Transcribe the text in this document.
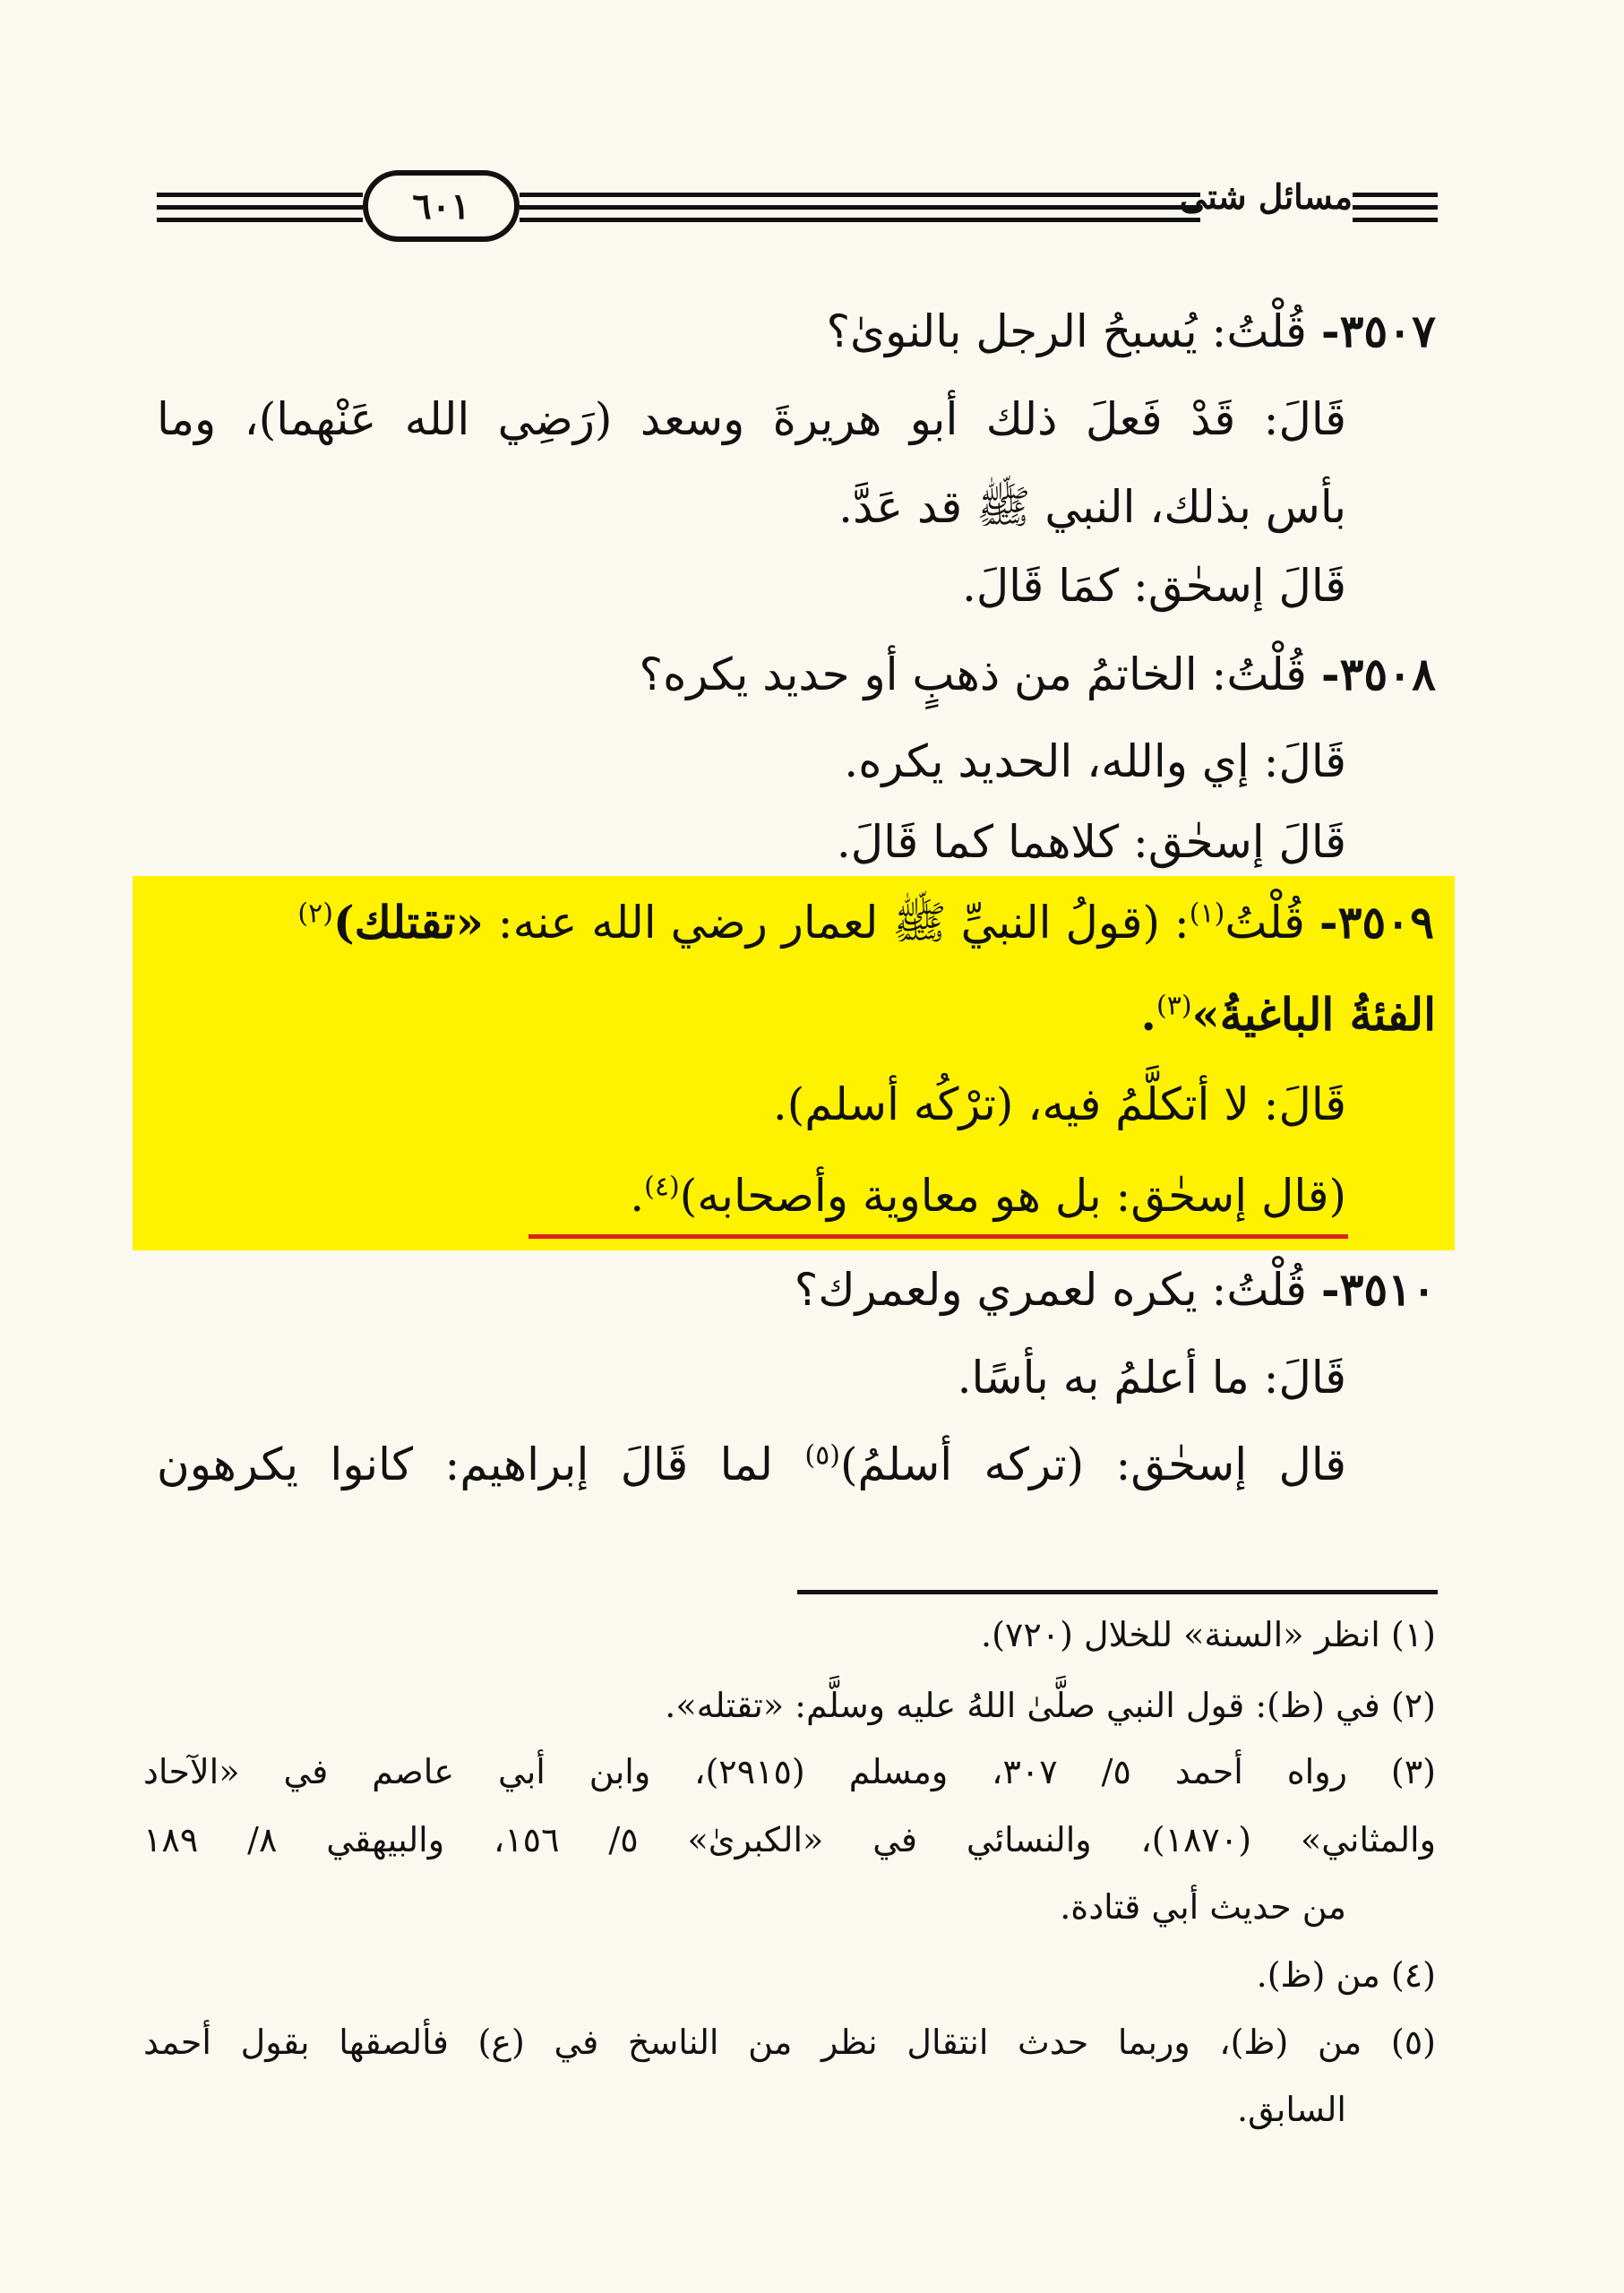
٦٠١	مسائل شتى
٣٥٠٧- قُلْتُ: يُسبحُ الرجل بالنوىٰ؟
قَالَ: قَدْ فَعلَ ذلك أبو هريرةَ وسعد (رَضِي الله عَنْهما)، وما
بأس بذلك، النبي ﷺ قد عَدَّ.
قَالَ إسحٰق: كمَا قَالَ.
٣٥٠٨- قُلْتُ: الخاتمُ من ذهبٍ أو حديد يكره؟
قَالَ: إي والله، الحديد يكره.
قَالَ إسحٰق: كلاهما كما قَالَ.
٣٥٠٩- قُلْتُ$^{(١)}$: (قولُ النبيِّ ﷺ لعمار رضي الله عنه: «تقتلك)$^{(٢)}$
الفئةُ الباغيةُ»$^{(٣)}$.
قَالَ: لا أتكلَّمُ فيه، (ترْكُه أسلم).
(قال إسحٰق: بل هو معاوية وأصحابه)$^{(٤)}$.
٣٥١٠- قُلْتُ: يكره لعمري ولعمرك؟
قَالَ: ما أعلمُ به بأسًا.
قال إسحٰق: (تركه أسلمُ)$^{(٥)}$ لما قَالَ إبراهيم: كانوا يكرهون
(١) انظر «السنة» للخلال (٧٢٠).
(٢) في (ظ): قول النبي صلَّىٰ اللهُ عليه وسلَّم: «تقتله».
(٣) رواه أحمد ٥/ ٣٠٧، ومسلم (٢٩١٥)، وابن أبي عاصم في «الآحاد
والمثاني» (١٨٧٠)، والنسائي في «الكبرىٰ» ٥/ ١٥٦، والبيهقي ٨/ ١٨٩
من حديث أبي قتادة.
(٤) من (ظ).
(٥) من (ظ)، وربما حدث انتقال نظر من الناسخ في (ع) فألصقها بقول أحمد
السابق.
